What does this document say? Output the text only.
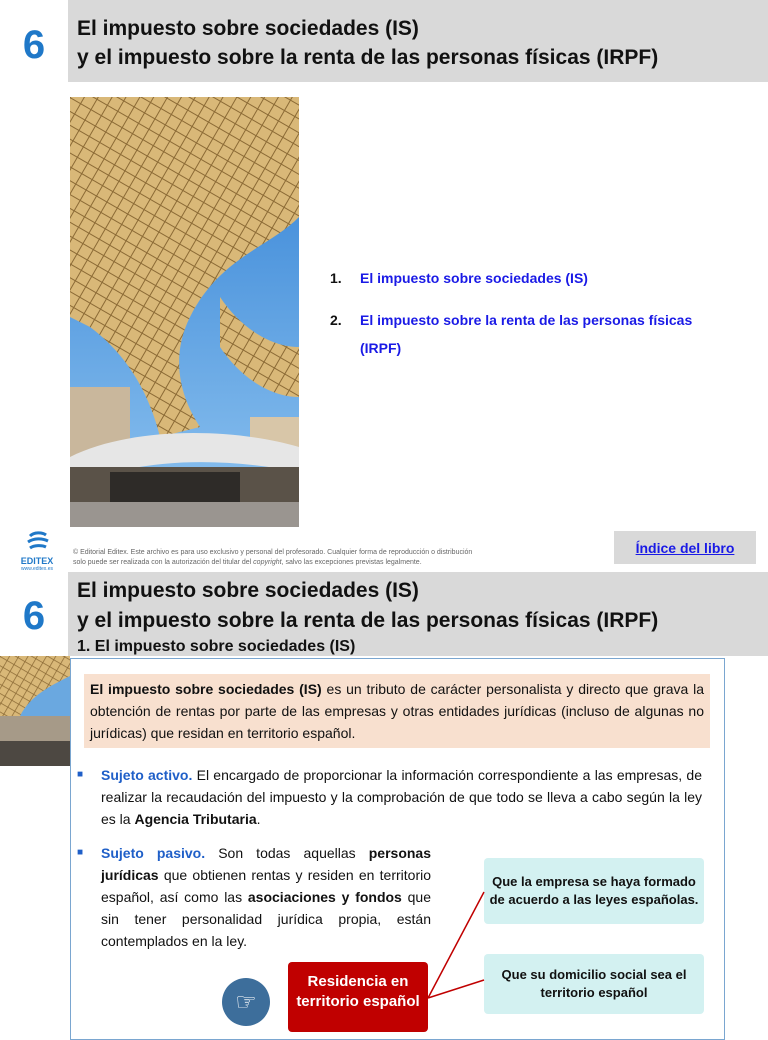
6	El impuesto sobre sociedades (IS)
y el impuesto sobre la renta de las personas físicas (IRPF)
1.	El impuesto sobre sociedades (IS)
2.	El impuesto sobre la renta de las personas físicas (IRPF)
EDITEX
www.editex.es
© Editorial Editex. Este archivo es para uso exclusivo y personal del profesorado. Cualquier forma de reproducción o distribución
solo puede ser realizada con la autorización del titular del copyright, salvo las excepciones previstas legalmente.
Índice del libro
6
El impuesto sobre sociedades (IS)
y el impuesto sobre la renta de las personas físicas (IRPF)
1. El impuesto sobre sociedades (IS)
El impuesto sobre sociedades (IS) es un tributo de carácter personalista y directo que grava la obtención de rentas por parte de las empresas y otras entidades jurídicas (incluso de algunas no jurídicas) que residan en territorio español.
■ Sujeto activo. El encargado de proporcionar la información correspondiente a las empresas, de realizar la recaudación del impuesto y la comprobación de que todo se lleva a cabo según la ley es la Agencia Tributaria.
■ Sujeto pasivo. Son todas aquellas personas jurídicas que obtienen rentas y residen en territorio español, así como las asociaciones y fondos que sin tener personalidad jurídica propia, están contemplados en la ley.
Que la empresa se haya formado de acuerdo a las leyes españolas.
Que su domicilio social sea el territorio español
☞
Residencia en territorio español
